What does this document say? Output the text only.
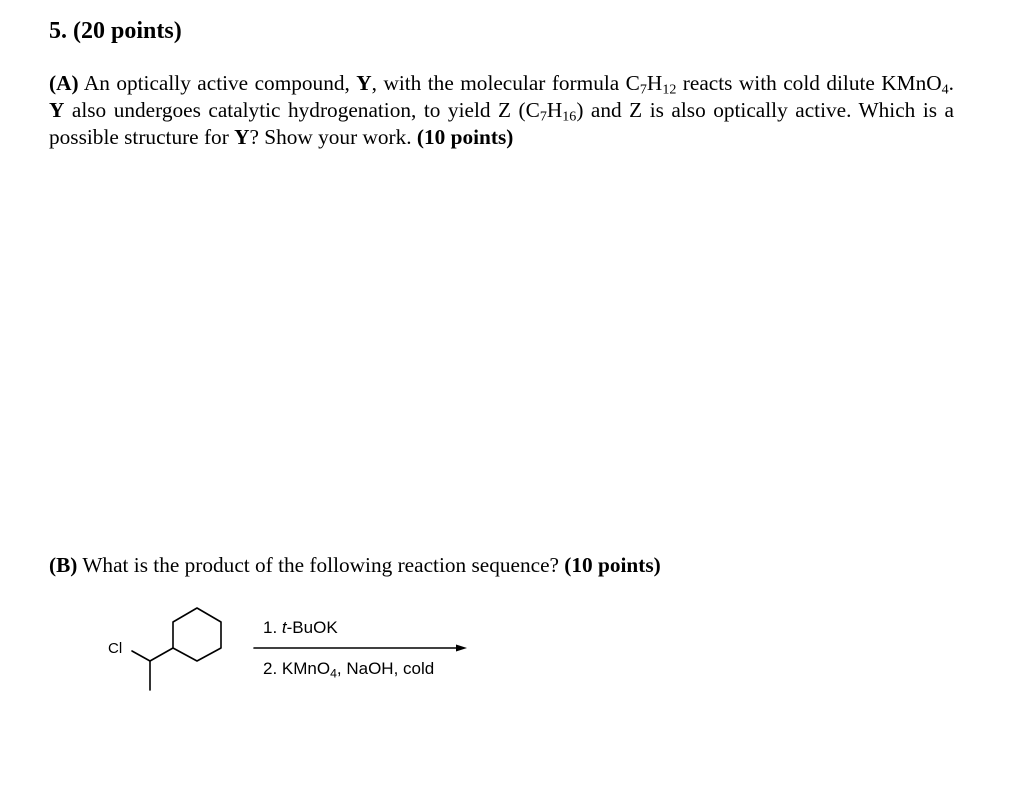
5. (20 points)
(A) An optically active compound, Y, with the molecular formula $C_7H_{12}$ reacts with cold dilute KMnO$_4$. Y also undergoes catalytic hydrogenation, to yield Z $(C_7H_{16})$ and Z is also optically active. Which is a possible structure for Y? Show your work. (10 points)
(B) What is the product of the following reaction sequence? (10 points)
Cl
1. t-BuOK
2. KMnO$_4$, NaOH, cold
